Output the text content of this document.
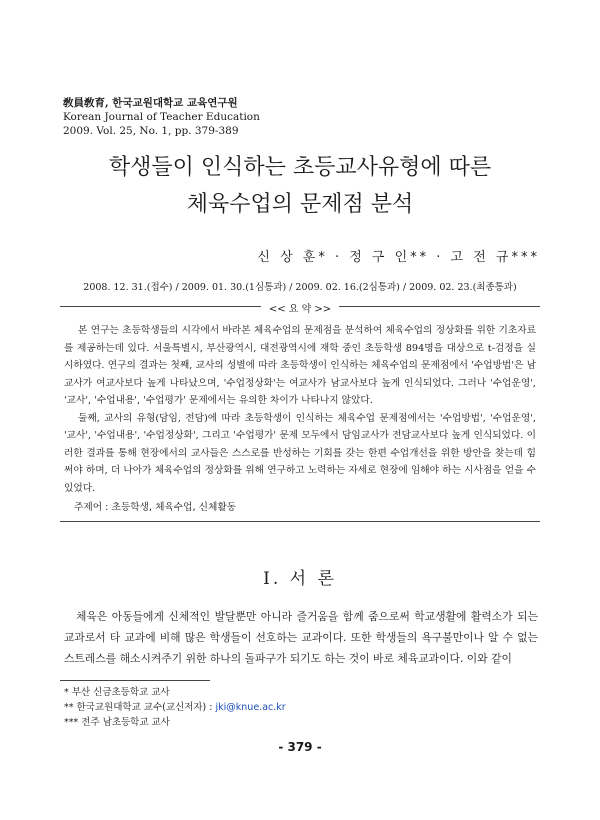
敎員敎育, 한국교원대학교 교육연구원
Korean Journal of Teacher Education
2009. Vol. 25, No. 1, pp. 379-389
학생들이 인식하는 초등교사유형에 따른
체육수업의 문제점 분석
신 상 훈* · 정 구 인** · 고 전 규***
2008. 12. 31.(접수) / 2009. 01. 30.(1심통과) / 2009. 02. 16.(2심통과) / 2009. 02. 23.(최종통과)
<< 요 약 >>

본 연구는 초등학생들의 시각에서 바라본 체육수업의 문제점을 분석하여 체육수업의 정상화를 위한 기초자료를 제공하는데 있다. 서울특별시, 부산광역시, 대전광역시에 재학 중인 초등학생 894명을 대상으로 t-검정을 실시하였다. 연구의 결과는 첫째, 교사의 성별에 따라 초등학생이 인식하는 체육수업의 문제점에서 '수업방법'은 남교사가 여교사보다 높게 나타났으며, '수업정상화'는 여교사가 남교사보다 높게 인식되었다. 그러나 '수업운영', '교사', '수업내용', '수업평가' 문제에서는 유의한 차이가 나타나지 않았다.

둘째, 교사의 유형(담임, 전담)에 따라 초등학생이 인식하는 체육수업 문제점에서는 '수업방법', '수업운영', '교사', '수업내용', '수업정상화', 그리고 '수업평가' 문제 모두에서 담임교사가 전담교사보다 높게 인식되었다. 이러한 결과를 통해 현장에서의 교사들은 스스로를 반성하는 기회를 갖는 한편 수업개선을 위한 방안을 찾는데 힘써야 하며, 더 나아가 체육수업의 정상화를 위해 연구하고 노력하는 자세로 현장에 임해야 하는 시사점을 얻을 수 있었다.

주제어 : 초등학생, 체육수업, 신체활동
Ⅰ. 서 론

체육은 아동들에게 신체적인 발달뿐만 아니라 즐거움을 함께 줌으로써 학교생활에 활력소가 되는 교과로서 타 교과에 비해 많은 학생들이 선호하는 교과이다. 또한 학생들의 욕구불만이나 알 수 없는 스트레스를 해소시켜주기 위한 하나의 돌파구가 되기도 하는 것이 바로 체육교과이다. 이와 같이

* 부산 신금초등학교 교사
** 한국교원대학교 교수(교신저자) : jki@knue.ac.kr
*** 전주 남초등학교 교사
- 379 -
